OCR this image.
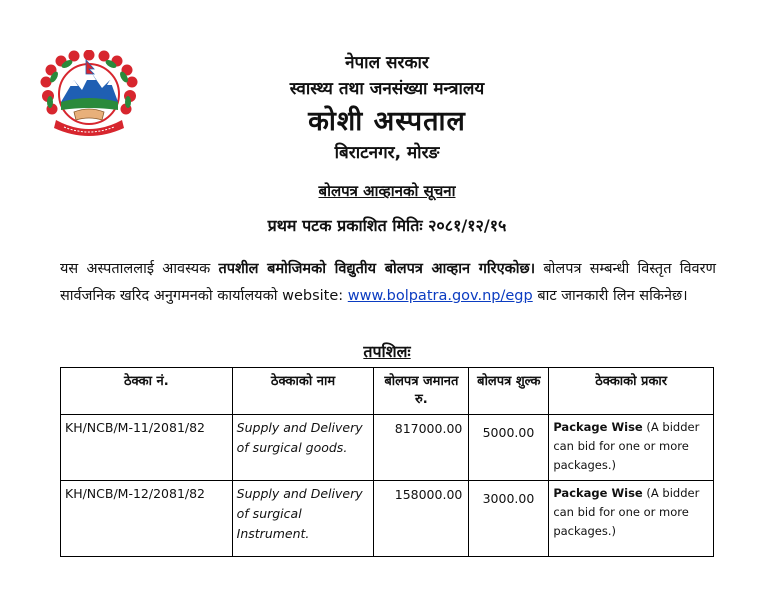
नेपाल सरकार
स्वास्थ्य तथा जनसंख्या मन्त्रालय
कोशी अस्पताल
बिराटनगर, मोरङ
बोलपत्र आव्हानको सूचना
प्रथम पटक प्रकाशित मितिः २०८१/१२/१५
यस अस्पताललाई आवस्यक तपशील बमोजिमको विद्युतीय बोलपत्र आव्हान गरिएकोछ। बोलपत्र सम्बन्धी विस्तृत विवरण सार्वजनिक खरिद अनुगमनको कार्यालयको website: www.bolpatra.gov.np/egp बाट जानकारी लिन सकिनेछ।
तपशिलः
ठेक्का नं.	ठेक्काको नाम	बोलपत्र जमानत रु.	बोलपत्र शुल्क	ठेक्काको प्रकार
KH/NCB/M-11/2081/82	Supply and Delivery of surgical goods.	817000.00	5000.00	Package Wise (A bidder can bid for one or more packages.)
KH/NCB/M-12/2081/82	Supply and Delivery of surgical Instrument.	158000.00	3000.00	Package Wise (A bidder can bid for one or more packages.)
